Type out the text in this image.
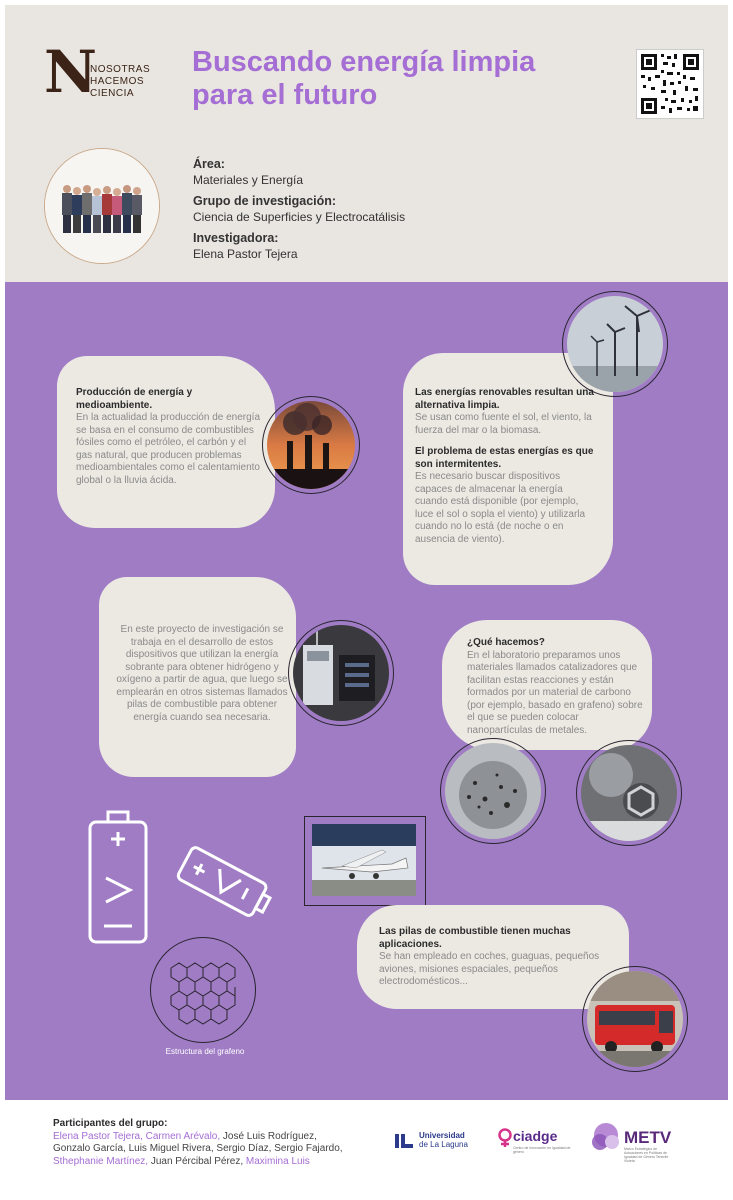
N
NOSOTRAS
HACEMOS
CIENCIA
Buscando energía limpia
para el futuro
Área:
Materiales y Energía
Grupo de investigación:
Ciencia de Superficies y Electrocatálisis
Investigadora:
Elena Pastor Tejera
Producción de energía y medioambiente.
En la actualidad la producción de energía se basa en el consumo de combustibles fósiles como el petróleo, el carbón y el gas natural, que producen problemas medioambientales como el calentamiento global o la lluvia ácida.
Las energías renovables resultan una alternativa limpia.
Se usan como fuente el sol, el viento, la fuerza del mar o la biomasa.
El problema de estas energías es que son intermitentes.
Es necesario buscar dispositivos capaces de almacenar la energía cuando está disponible (por ejemplo, luce el sol o sopla el viento) y utilizarla cuando no lo está (de noche o en ausencia de viento).
En este proyecto de investigación se trabaja en el desarrollo de estos dispositivos que utilizan la energía sobrante para obtener hidrógeno y oxígeno a partir de agua, que luego se emplearán en otros sistemas llamados pilas de combustible para obtener energía cuando sea necesaria.
¿Qué hacemos?
En el laboratorio preparamos unos materiales llamados catalizadores que facilitan estas reacciones y están formados por un material de carbono (por ejemplo, basado en grafeno) sobre el que se pueden colocar nanopartículas de metales.
Estructura del grafeno
Las pilas de combustible tienen muchas aplicaciones.
Se han empleado en coches, guaguas, pequeños aviones, misiones espaciales, pequeños electrodomésticos...
Participantes del grupo:
Elena Pastor Tejera, Carmen Arévalo, José Luis Rodríguez,
Gonzalo García, Luis Miguel Rivera, Sergio Díaz, Sergio Fajardo,
Sthephanie Martínez, Juan Pércibal Pérez, Maximina Luis
Universidad
de La Laguna
ciadge
Centro de Innovación en Igualdad de género
METV
Marco Estratégico de Actuaciones en Políticas de Igualdad de Género Tenerife Violeta
